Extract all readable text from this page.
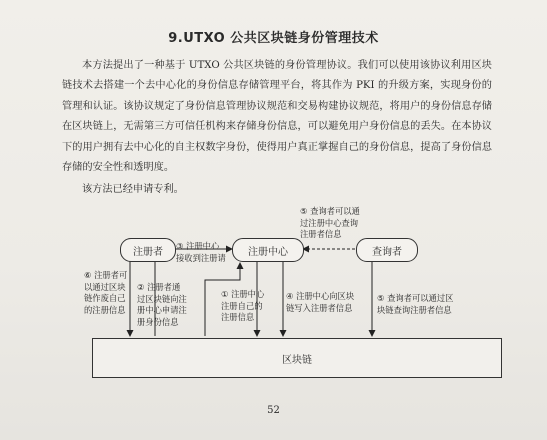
9.UTXO 公共区块链身份管理技术

本方法提出了一种基于 UTXO 公共区块链的身份管理协议。我们可以使用该协议利用区块链技术去搭建一个去中心化的身份信息存储管理平台，将其作为 PKI 的升级方案，实现身份的管理和认证。该协议规定了身份信息管理协议规范和交易构建协议规范，将用户的身份信息存储在区块链上，无需第三方可信任机构来存储身份信息，可以避免用户身份信息的丢失。在本协议下的用户拥有去中心化的自主权数字身份，使得用户真正掌握自己的身份信息，提高了身份信息存储的安全性和透明度。

该方法已经申请专利。

注册者	注册中心	查询者
区块链
③ 注册中心
接收到注册请
⑤ 查询者可以通
过注册中心查询
注册者信息
⑥ 注册者可
以通过区块
链作废自己
的注册信息
② 注册者通
过区块链向注
册中心申请注
册身份信息
① 注册中心
注册自己的
注册信息
④ 注册中心向区块
链写入注册者信息
⑤ 查询者可以通过区
块链查询注册者信息
52
